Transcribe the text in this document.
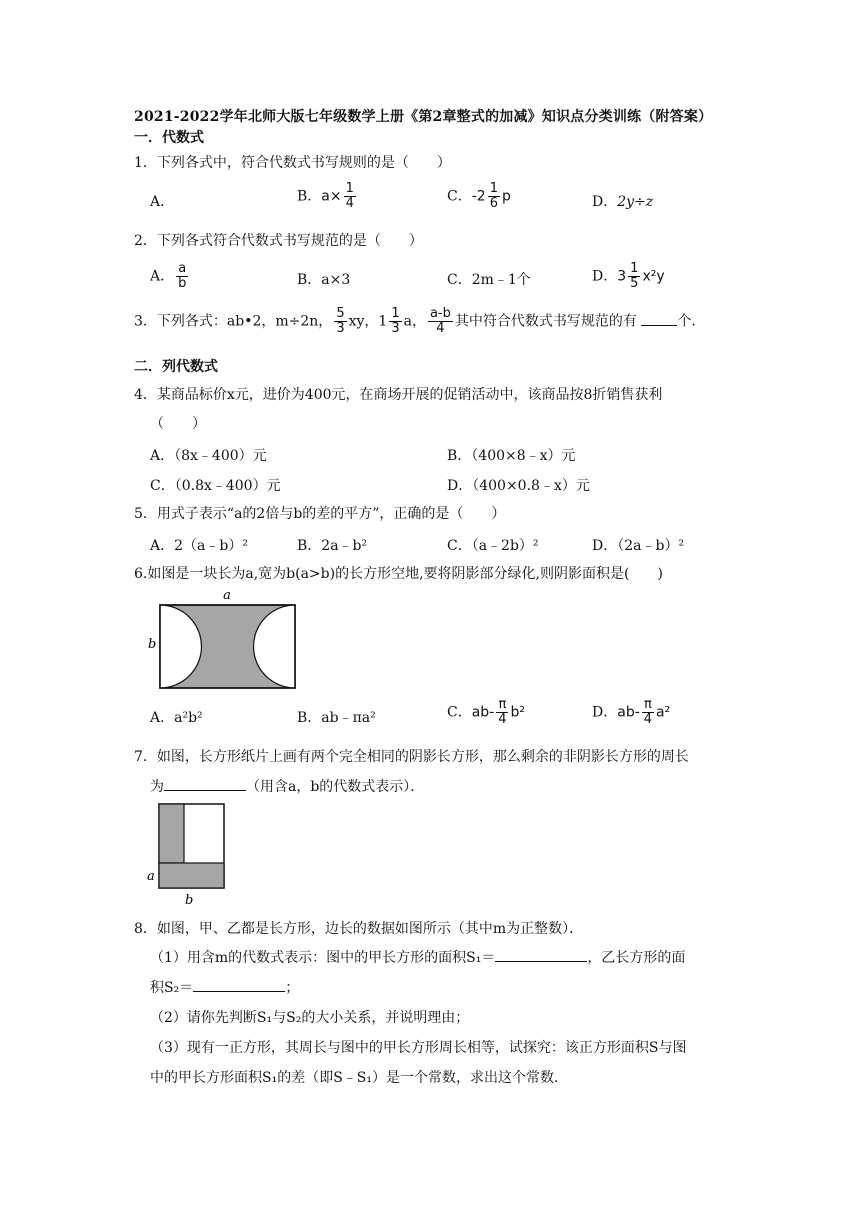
2021-2022学年北师大版七年级数学上册《第2章整式的加减》知识点分类训练（附答案）
一．代数式
1．下列各式中，符合代数式书写规则的是（　　）
A．	B．$a\times \frac{1}{4}$	C．$-2 \frac{1}{6}$ p	D．2y÷z
2．下列各式符合代数式书写规范的是（　　）
A． $\frac{a}{b}$	B．a×3	C．2m﹣1个	D．$3 \frac{1}{5} x^2y$
3．下列各式：ab•2，m÷2n， $\frac{5}{3}$ xy，$1 \frac{1}{3}$ a， $\frac{a-b}{4}$ 其中符合代数式书写规范的有	个．
二．列代数式
4．某商品标价x元，进价为400元，在商场开展的促销活动中，该商品按8折销售获利
（　　）
A．（8x﹣400）元	B．（400×8﹣x）元
C．（0.8x﹣400）元	D．（400×0.8﹣x）元
5．用式子表示“a的2倍与b的差的平方”，正确的是（　　）
A．2（a﹣b）²	B．2a﹣b²	C．（a﹣2b）²	D．（2a﹣b）²
6.如图是一块长为a,宽为b(a>b)的长方形空地,要将阴影部分绿化,则阴影面积是(　　)
a
b
A．a²b²	B．ab﹣πa²	C．$ab- \frac{\pi}{4} b^2$	D．$ab- \frac{\pi}{4} a^2$
7．如图，长方形纸片上画有两个完全相同的阴影长方形，那么剩余的非阴影长方形的周长
为	（用含a，b的代数式表示）．
a
b
8．如图，甲、乙都是长方形，边长的数据如图所示（其中m为正整数）．
（1）用含m的代数式表示：图中的甲长方形的面积S₁＝	，乙长方形的面
积S₂＝	；
（2）请你先判断S₁与S₂的大小关系，并说明理由；
（3）现有一正方形，其周长与图中的甲长方形周长相等，试探究：该正方形面积S与图
中的甲长方形面积S₁的差（即S﹣S₁）是一个常数，求出这个常数．
